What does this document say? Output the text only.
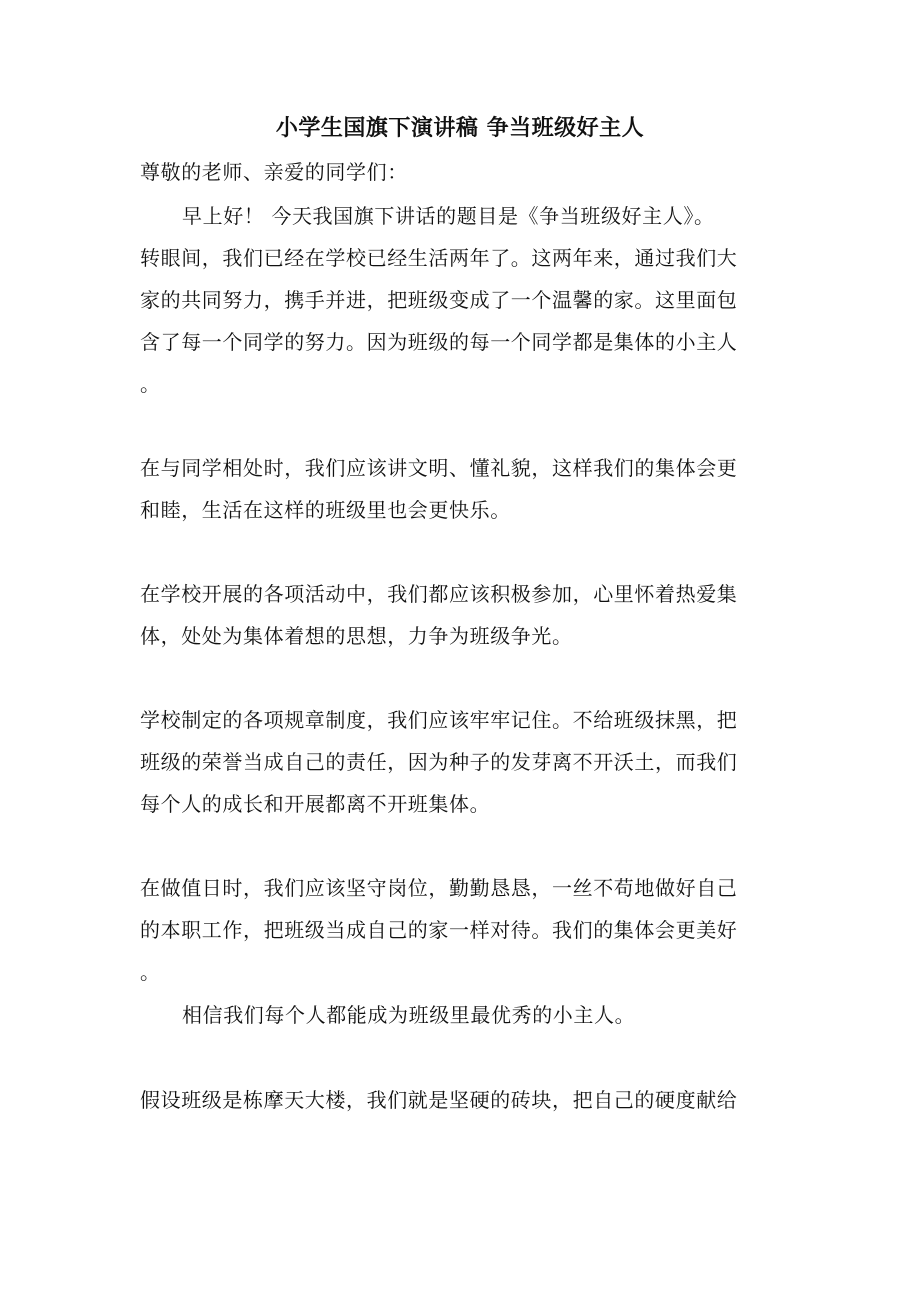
小学生国旗下演讲稿 争当班级好主人
尊敬的老师、亲爱的同学们：
早上好！ 今天我国旗下讲话的题目是《争当班级好主人》。
转眼间，我们已经在学校已经生活两年了。这两年来，通过我们大
家的共同努力，携手并进，把班级变成了一个温馨的家。这里面包
含了每一个同学的努力。因为班级的每一个同学都是集体的小主人
。
在与同学相处时，我们应该讲文明、懂礼貌，这样我们的集体会更
和睦，生活在这样的班级里也会更快乐。
在学校开展的各项活动中，我们都应该积极参加，心里怀着热爱集
体，处处为集体着想的思想，力争为班级争光。
学校制定的各项规章制度，我们应该牢牢记住。不给班级抹黑，把
班级的荣誉当成自己的责任，因为种子的发芽离不开沃土，而我们
每个人的成长和开展都离不开班集体。
在做值日时，我们应该坚守岗位，勤勤恳恳，一丝不苟地做好自己
的本职工作，把班级当成自己的家一样对待。我们的集体会更美好
。
相信我们每个人都能成为班级里最优秀的小主人。
假设班级是栋摩天大楼，我们就是坚硬的砖块，把自己的硬度献给
